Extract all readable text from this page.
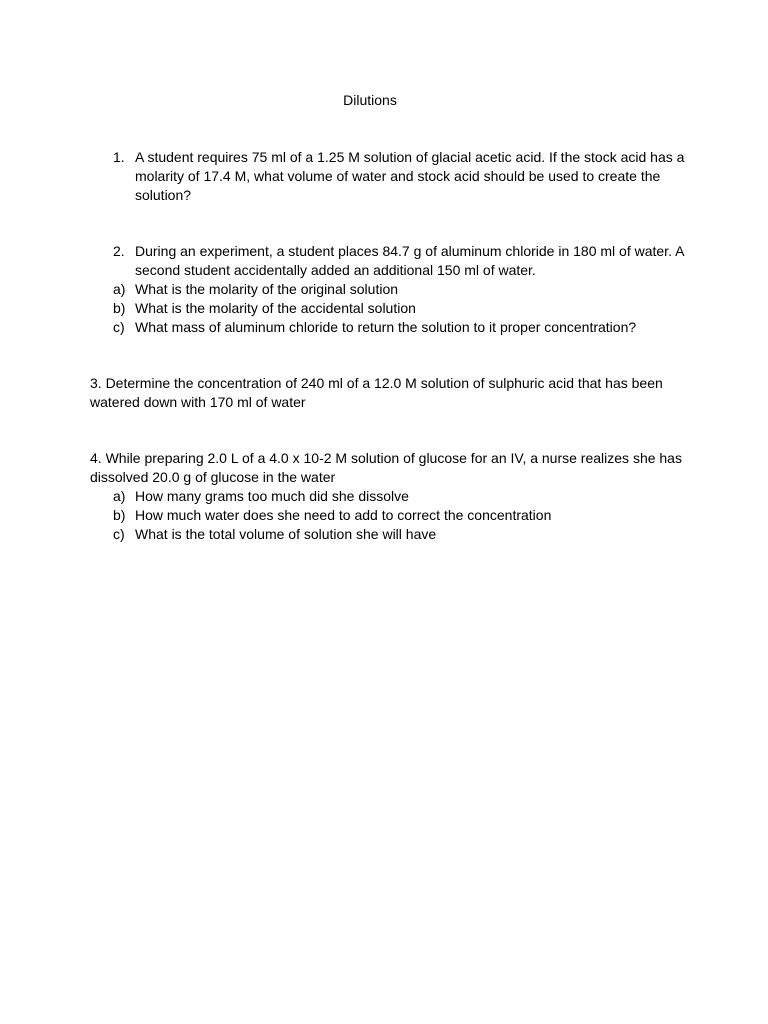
Dilutions
1. A student requires 75 ml of a 1.25 M solution of glacial acetic acid. If the stock acid has a molarity of 17.4 M, what volume of water and stock acid should be used to create the solution?
2. During an experiment, a student places 84.7 g of aluminum chloride in 180 ml of water. A second student accidentally added an additional 150 ml of water.
a) What is the molarity of the original solution
b) What is the molarity of the accidental solution
c) What mass of aluminum chloride to return the solution to it proper concentration?
3. Determine the concentration of 240 ml of a 12.0 M solution of sulphuric acid that has been watered down with 170 ml of water
4. While preparing 2.0 L of a 4.0 x 10-2 M solution of glucose for an IV, a nurse realizes she has dissolved 20.0 g of glucose in the water
a) How many grams too much did she dissolve
b) How much water does she need to add to correct the concentration
c) What is the total volume of solution she will have
